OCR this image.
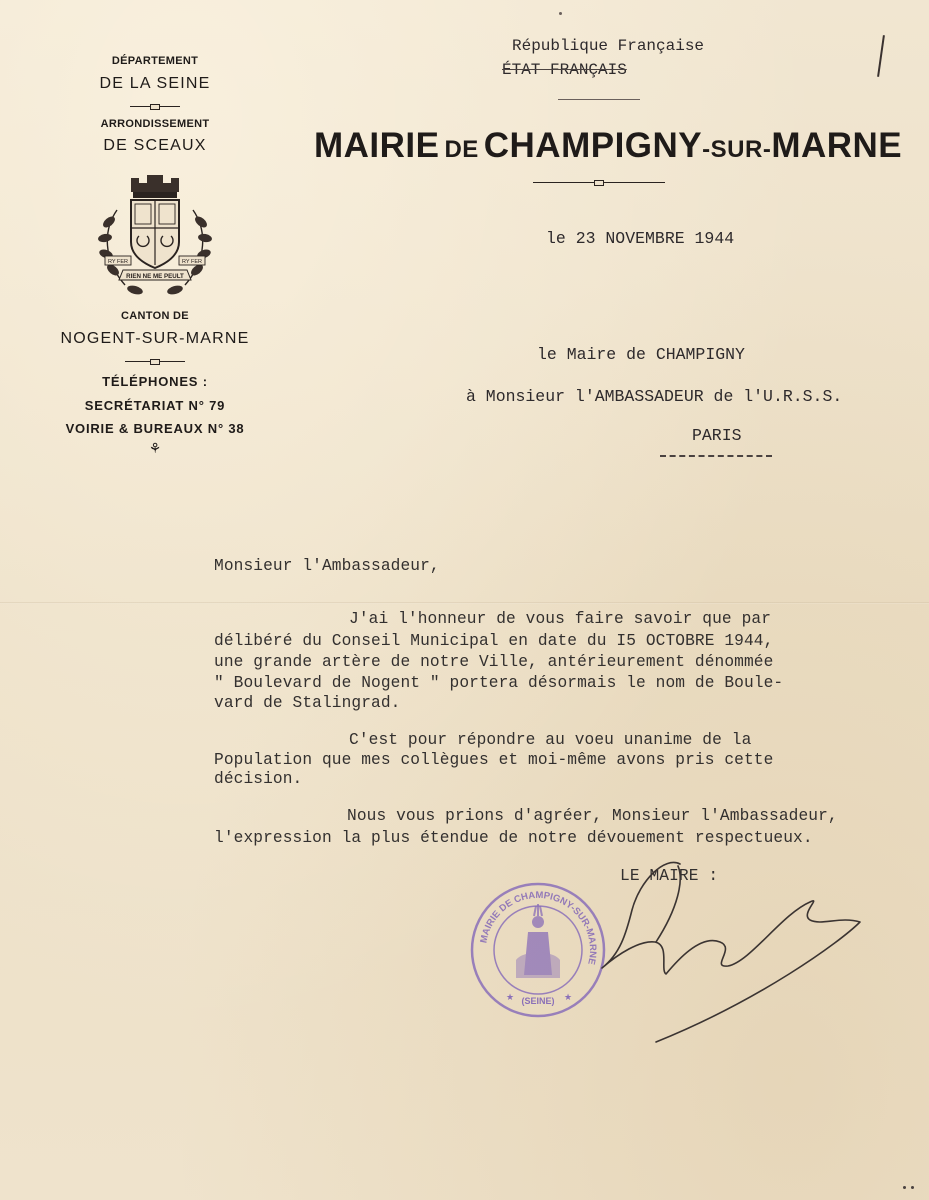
DÉPARTEMENT
DE LA SEINE
ARRONDISSEMENT
DE SCEAUX
RY FER	RY FER
RIEN NE ME PEULT
CANTON DE
NOGENT-SUR-MARNE
TÉLÉPHONES :
SECRÉTARIAT N° 79
VOIRIE & BUREAUX N° 38
⚘
République Française
ÉTAT FRANÇAIS
MAIRIE DE CHAMPIGNY-SUR-MARNE
le 23 NOVEMBRE 1944
le Maire de CHAMPIGNY
à Monsieur l'AMBASSADEUR de l'U.R.S.S.
PARIS
Monsieur l'Ambassadeur,
J'ai l'honneur de vous faire savoir que par
délibéré du Conseil Municipal en date du I5 OCTOBRE 1944,
une grande artère de notre Ville, antérieurement dénommée
" Boulevard de Nogent " portera désormais le nom de Boule-
vard de Stalingrad.
C'est pour répondre au voeu unanime de la
Population que mes collègues et moi-même avons pris cette
décision.
Nous vous prions d'agréer, Monsieur l'Ambassadeur,
l'expression la plus étendue de notre dévouement respectueux.
LE MAIRE :
MAIRIE DE CHAMPIGNY-SUR-MARNE
(SEINE)
★	★
